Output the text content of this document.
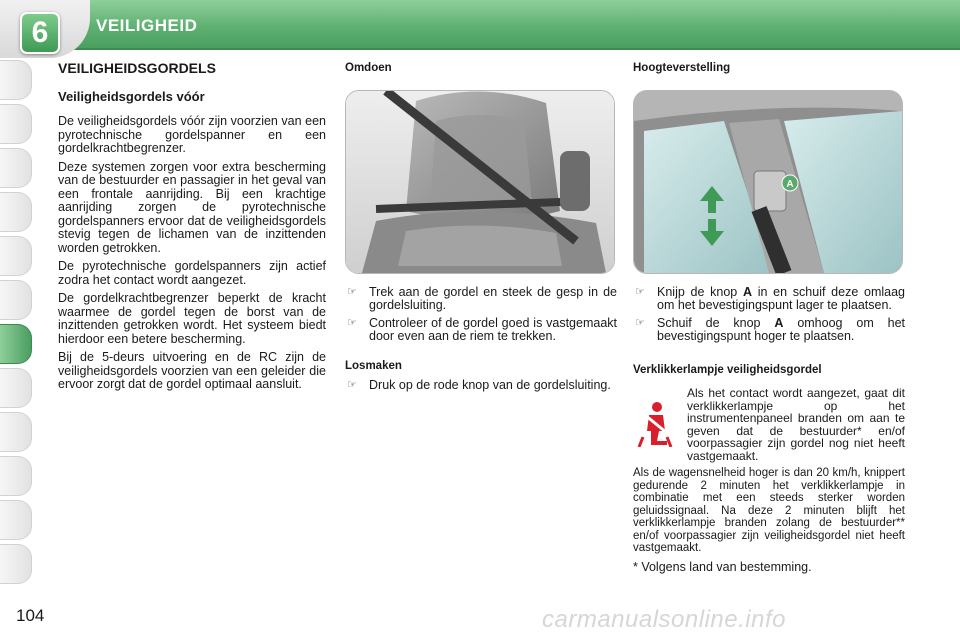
6	VEILIGHEID
VEILIGHEIDSGORDELS
Veiligheidsgordels vóór

De veiligheidsgordels vóór zijn voorzien van een pyrotechnische gordelspanner en een gordelkrachtbegrenzer.

Deze systemen zorgen voor extra bescherming van de bestuurder en passagier in het geval van een frontale aanrijding. Bij een krachtige aanrijding zorgen de pyrotechnische gordelspanners ervoor dat de veiligheidsgordels stevig tegen de lichamen van de inzittenden worden getrokken.

De pyrotechnische gordelspanners zijn actief zodra het contact wordt aangezet.

De gordelkrachtbegrenzer beperkt de kracht waarmee de gordel tegen de borst van de inzittenden getrokken wordt. Het systeem biedt hierdoor een betere bescherming.

Bij de 5-deurs uitvoering en de RC zijn de veiligheidsgordels voorzien van een geleider die ervoor zorgt dat de gordel optimaal aansluit.

Omdoen
☞ Trek aan de gordel en steek de gesp in de gordelsluiting.
☞ Controleer of de gordel goed is vastgemaakt door even aan de riem te trekken.
Losmaken
☞ Druk op de rode knop van de gordelsluiting.
Hoogteverstelling
A
☞ Knijp de knop A in en schuif deze omlaag om het bevestigingspunt lager te plaatsen.
☞ Schuif de knop A omhoog om het bevestigingspunt hoger te plaatsen.
Verklikkerlampje veiligheidsgordel
Als het contact wordt aangezet, gaat dit verklikkerlampje op het instrumentenpaneel branden om aan te geven dat de bestuurder* en/of voorpassagier zijn gordel nog niet heeft vastgemaakt.

Als de wagensnelheid hoger is dan 20 km/h, knippert gedurende 2 minuten het verklikkerlampje in combinatie met een steeds sterker worden geluidssignaal. Na deze 2 minuten blijft het verklikkerlampje branden zolang de bestuurder** en/of voorpassagier zijn veiligheidsgordel niet heeft vastgemaakt.

* Volgens land van bestemming.
104	carmanualsonline.info
